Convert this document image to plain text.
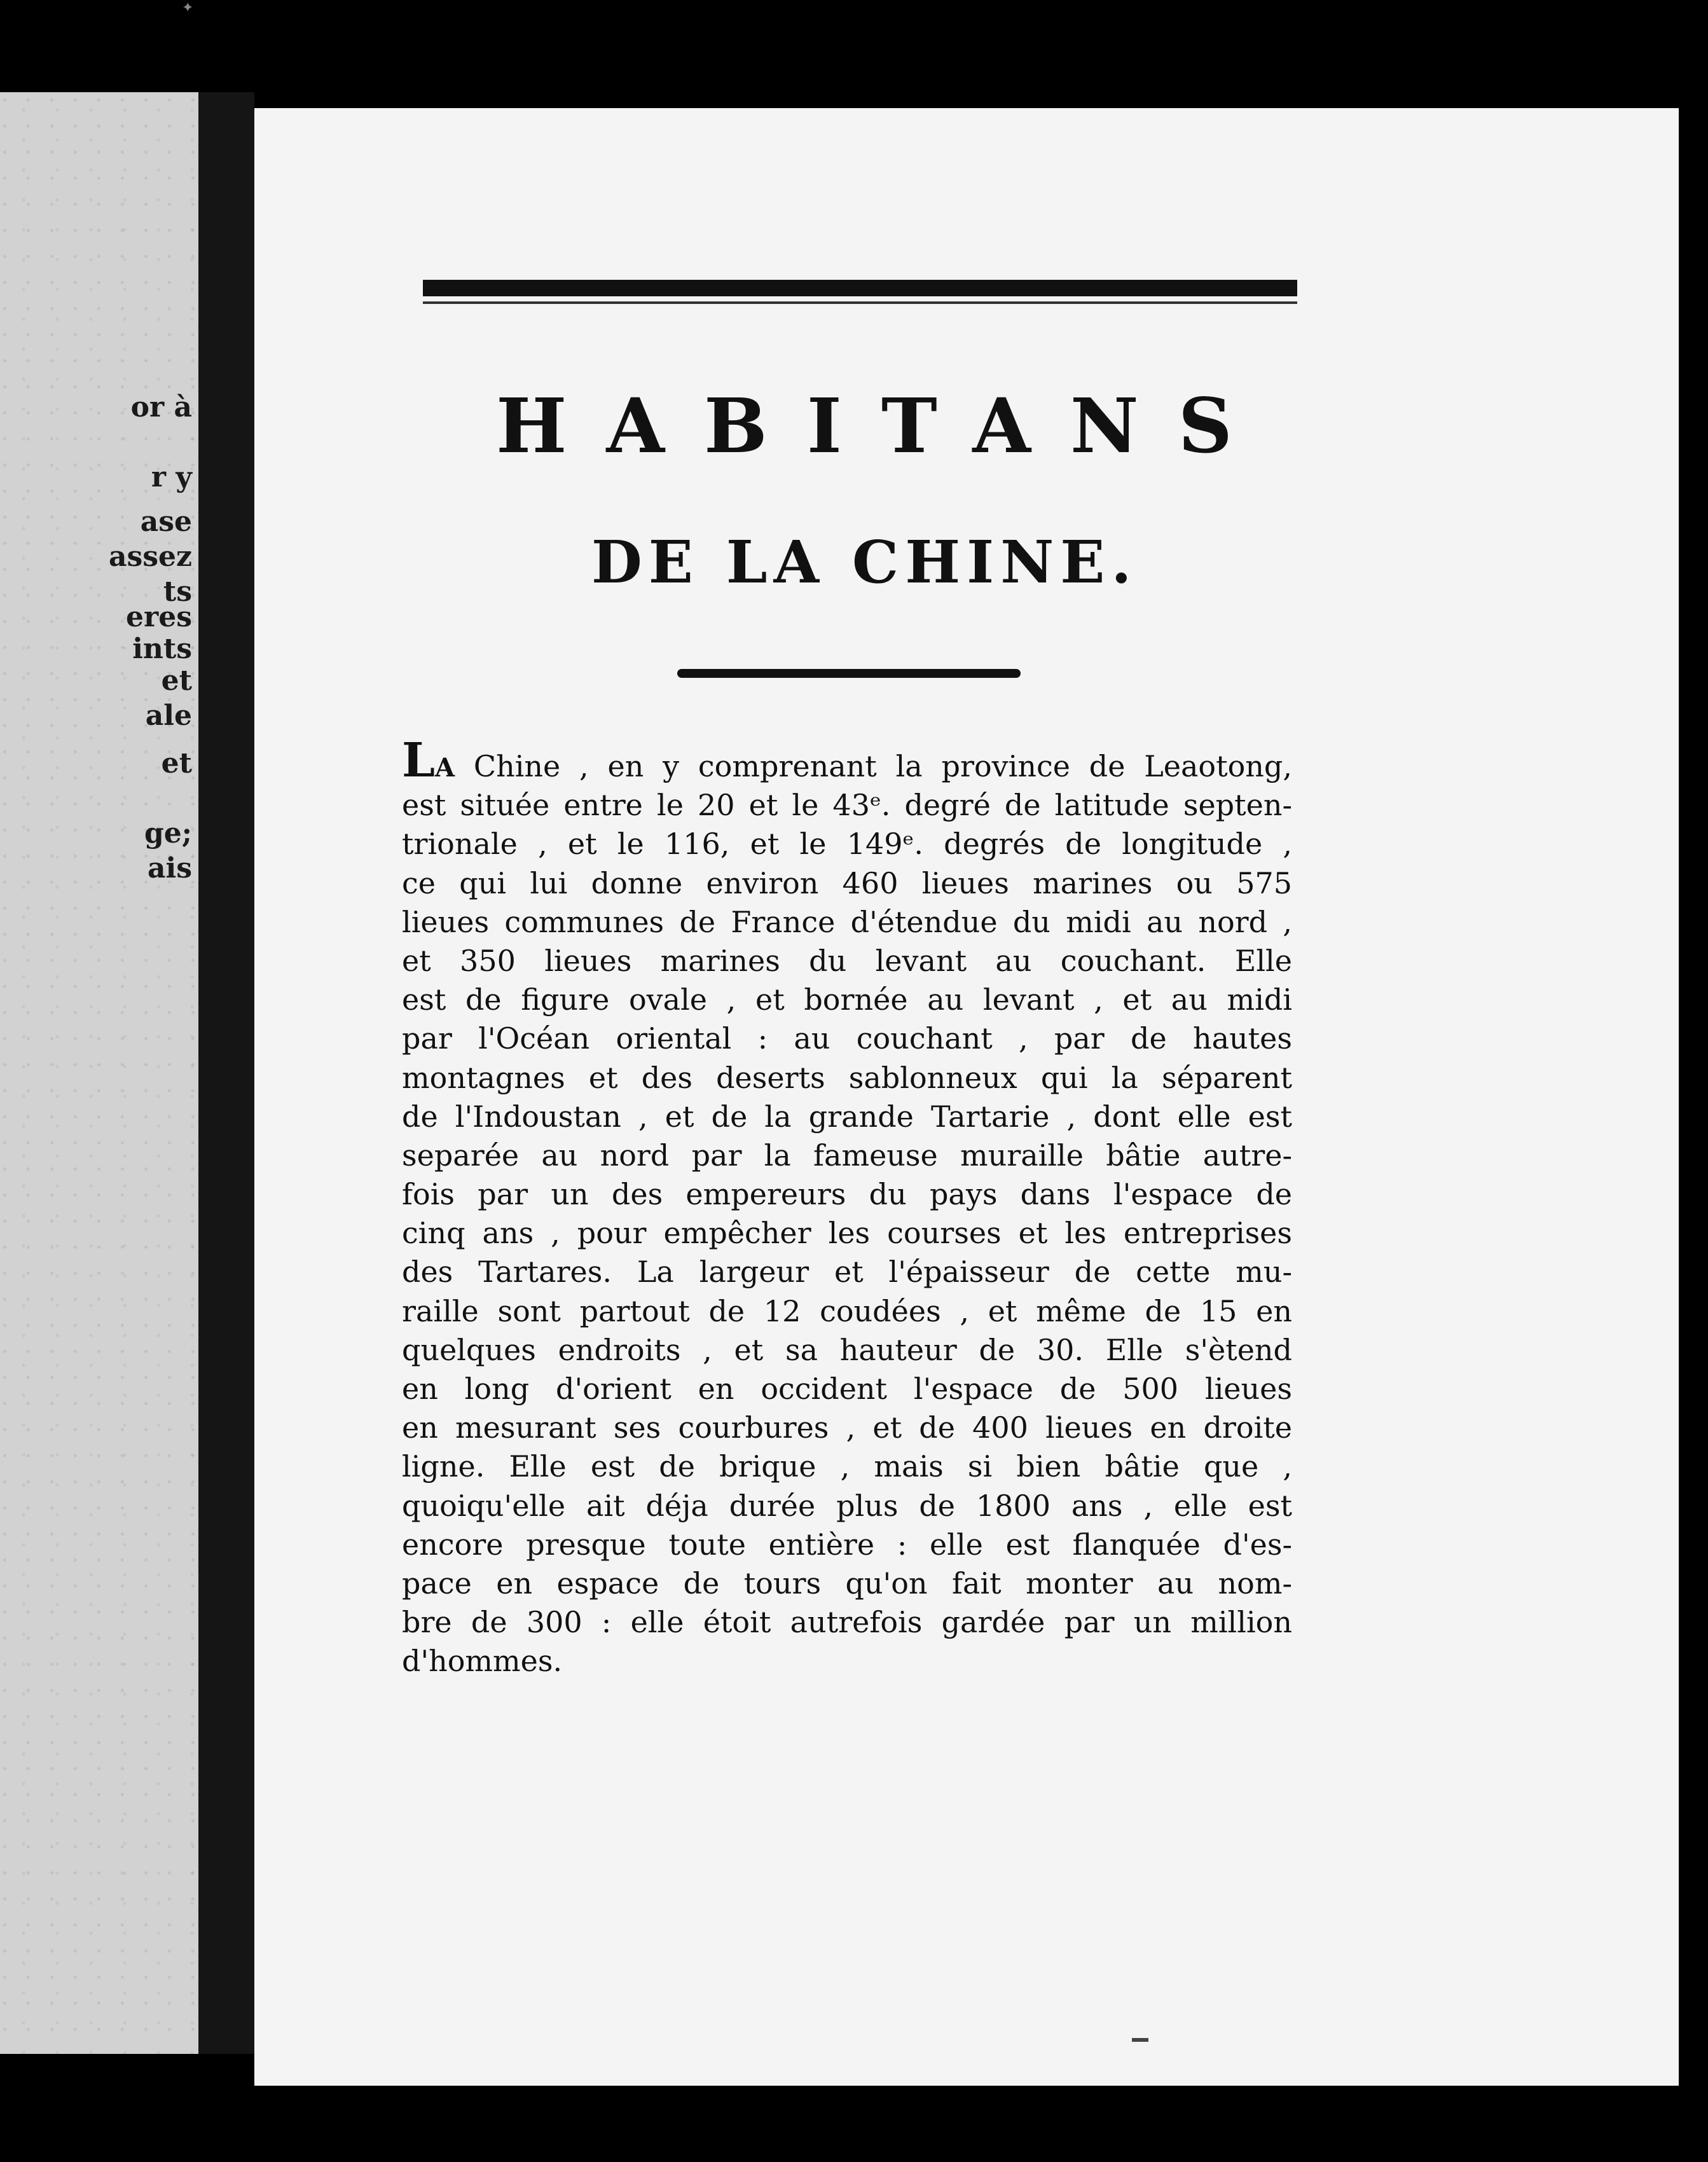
✦
or à
r y
ase
assez
ts
eres
ints
et
ale
et
ge;
ais
HABITANS
DE LA CHINE.
LA Chine , en y comprenant la province de Leaotong,
est située entre le 20 et le 43ᵉ. degré de latitude septen-
trionale , et le 116, et le 149ᵉ. degrés de longitude ,
ce qui lui donne environ 460 lieues marines ou 575
lieues communes de France d'étendue du midi au nord ,
et 350 lieues marines du levant au couchant. Elle
est de figure ovale , et bornée au levant , et au midi
par l'Océan oriental : au couchant , par de hautes
montagnes et des deserts sablonneux qui la séparent
de l'Indoustan , et de la grande Tartarie , dont elle est
separée au nord par la fameuse muraille bâtie autre-
fois par un des empereurs du pays dans l'espace de
cinq ans , pour empêcher les courses et les entreprises
des Tartares. La largeur et l'épaisseur de cette mu-
raille sont partout de 12 coudées , et même de 15 en
quelques endroits , et sa hauteur de 30. Elle s'ètend
en long d'orient en occident l'espace de 500 lieues
en mesurant ses courbures , et de 400 lieues en droite
ligne. Elle est de brique , mais si bien bâtie que ,
quoiqu'elle ait déja durée plus de 1800 ans , elle est
encore presque toute entière : elle est flanquée d'es-
pace en espace de tours qu'on fait monter au nom-
bre de 300 : elle étoit autrefois gardée par un million
d'hommes.
